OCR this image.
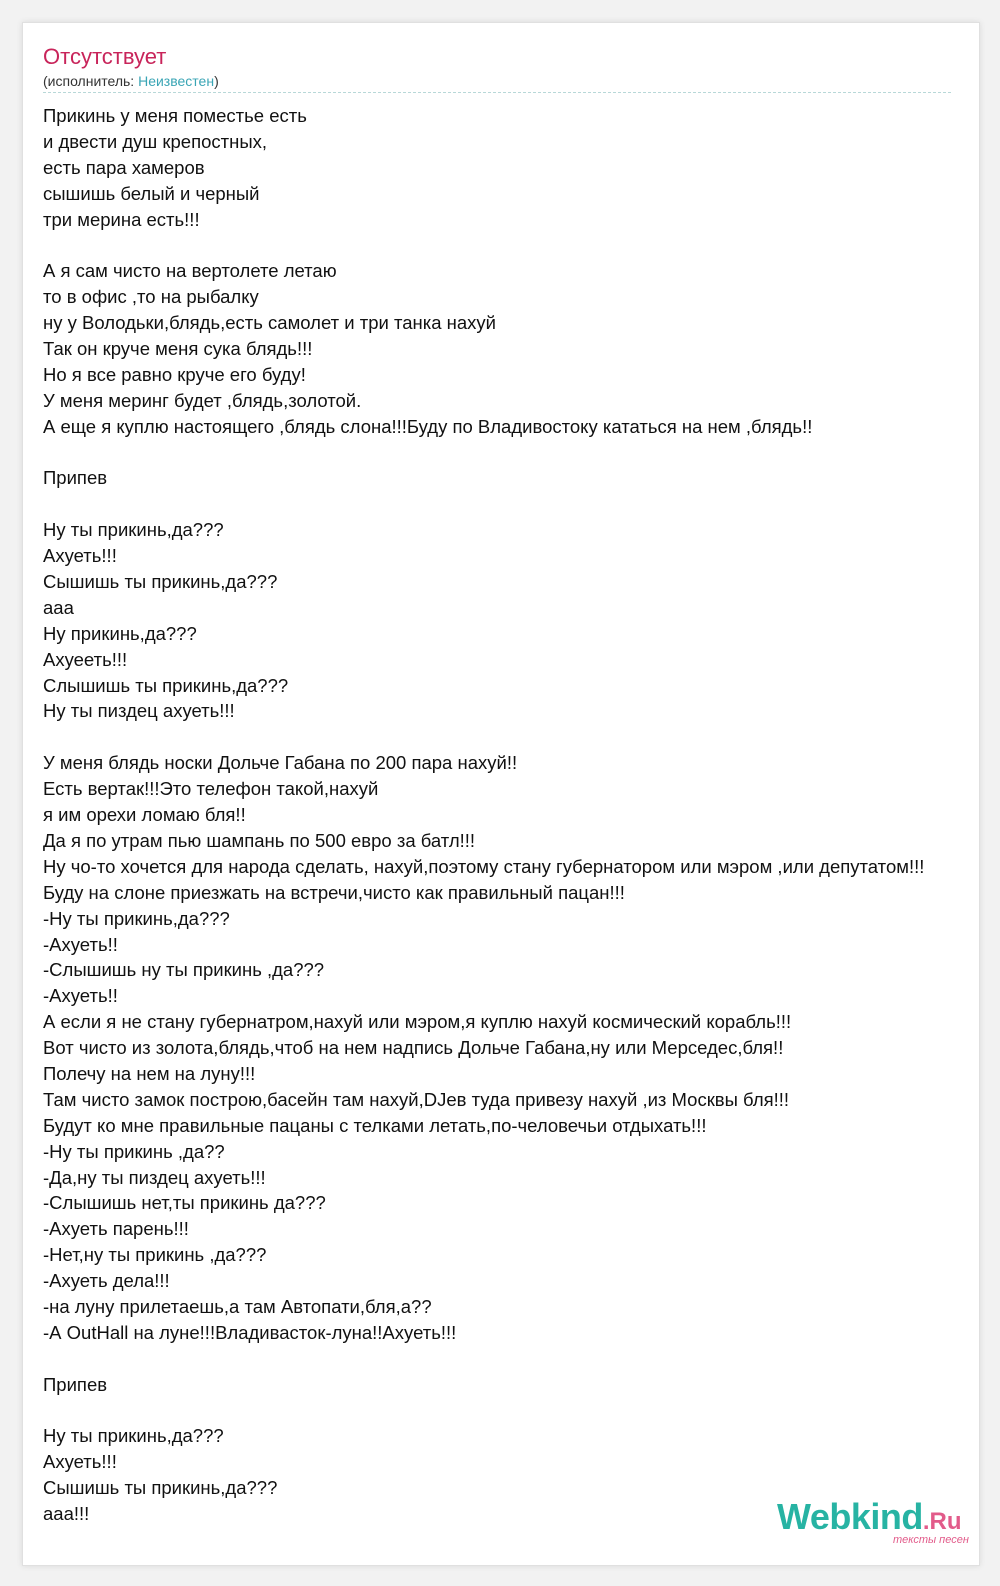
Отсутствует
(исполнитель: Неизвестен)
Прикинь у меня поместье есть
и двести душ крепостных,
есть пара хамеров
сышишь белый и черный
три мерина есть!!!
А я сам чисто на вертолете летаю
то в офис ,то на рыбалку
ну у Володьки,блядь,есть самолет и три танка нахуй
Так он круче меня сука блядь!!!
Но я все равно круче его буду!
У меня меринг будет ,блядь,золотой.
А еще я куплю настоящего ,блядь слона!!!Буду по Владивостоку кататься на нем ,блядь!!
Припев
Ну ты прикинь,да???
Ахуеть!!!
Сышишь ты прикинь,да???
ааа
Ну прикинь,да???
Ахуееть!!!
Слышишь ты прикинь,да???
Ну ты пиздец ахуеть!!!
У меня блядь носки Дольче Габана по 200 пара нахуй!!
Есть вертак!!!Это телефон такой,нахуй
я им орехи ломаю бля!!
Да я по утрам пью шампань по 500 евро за батл!!!
Ну чо-то хочется для народа сделать, нахуй,поэтому стану губернатором или мэром ,или депутатом!!!
Буду на слоне приезжать на встречи,чисто как правильный пацан!!!
-Ну ты прикинь,да???
-Ахуеть!!
-Слышишь ну ты прикинь ,да???
-Ахуеть!!
А если я не стану губернатром,нахуй или мэром,я куплю нахуй космический корабль!!!
Вот чисто из золота,блядь,чтоб на нем надпись Дольче Габана,ну или Мерседес,бля!!
Полечу на нем на луну!!!
Там чисто замок построю,басейн там нахуй,DJeв туда привезу нахуй ,из Москвы бля!!!
Будут ко мне правильные пацаны с телками летать,по-человечьи отдыхать!!!
-Ну ты прикинь ,да??
-Да,ну ты пиздец ахуеть!!!
-Слышишь нет,ты прикинь да???
-Ахуеть парень!!!
-Нет,ну ты прикинь ,да???
-Ахуеть дела!!!
-на луну прилетаешь,а там Автопати,бля,а??
-А OutHall на луне!!!Владиваcток-луна!!Ахуеть!!!
Припев
Ну ты прикинь,да???
Ахуеть!!!
Сышишь ты прикинь,да???
ааа!!!	Webkind.Ru
тексты песен
